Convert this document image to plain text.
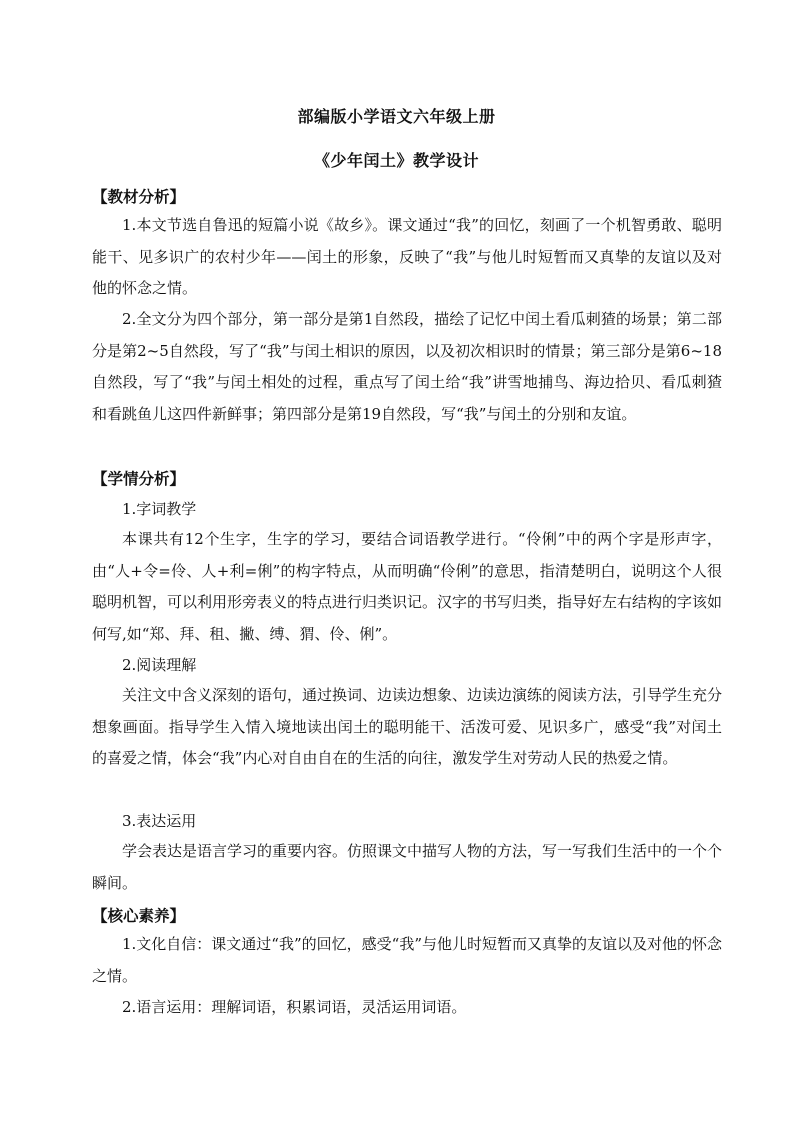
部编版小学语文六年级上册
《少年闰土》教学设计
【教材分析】

1.本文节选自鲁迅的短篇小说《故乡》。课文通过“我”的回忆，刻画了一个机智勇敢、聪明能干、见多识广的农村少年——闰土的形象，反映了“我”与他儿时短暂而又真挚的友谊以及对他的怀念之情。

2.全文分为四个部分，第一部分是第1自然段，描绘了记忆中闰土看瓜刺猹的场景；第二部分是第2~5自然段，写了“我”与闰土相识的原因，以及初次相识时的情景；第三部分是第6~18自然段，写了“我”与闰土相处的过程，重点写了闰土给“我”讲雪地捕鸟、海边拾贝、看瓜刺猹和看跳鱼儿这四件新鲜事；第四部分是第19自然段，写“我”与闰土的分别和友谊。

【学情分析】
1.字词教学

本课共有12个生字，生字的学习，要结合词语教学进行。“伶俐”中的两个字是形声字，由“人+令=伶、人+利=俐”的构字特点，从而明确“伶俐”的意思，指清楚明白，说明这个人很聪明机智，可以利用形旁表义的特点进行归类识记。汉字的书写归类，指导好左右结构的字该如何写,如“郑、拜、租、撇、缚、猬、伶、俐”。

2.阅读理解

关注文中含义深刻的语句，通过换词、边读边想象、边读边演练的阅读方法，引导学生充分想象画面。指导学生入情入境地读出闰土的聪明能干、活泼可爱、见识多广，感受“我”对闰土的喜爱之情，体会“我”内心对自由自在的生活的向往，激发学生对劳动人民的热爱之情。

3.表达运用

学会表达是语言学习的重要内容。仿照课文中描写人物的方法，写一写我们生活中的一个个瞬间。

【核心素养】

1.文化自信：课文通过“我”的回忆，感受“我”与他儿时短暂而又真挚的友谊以及对他的怀念之情。

2.语言运用：理解词语，积累词语，灵活运用词语。
